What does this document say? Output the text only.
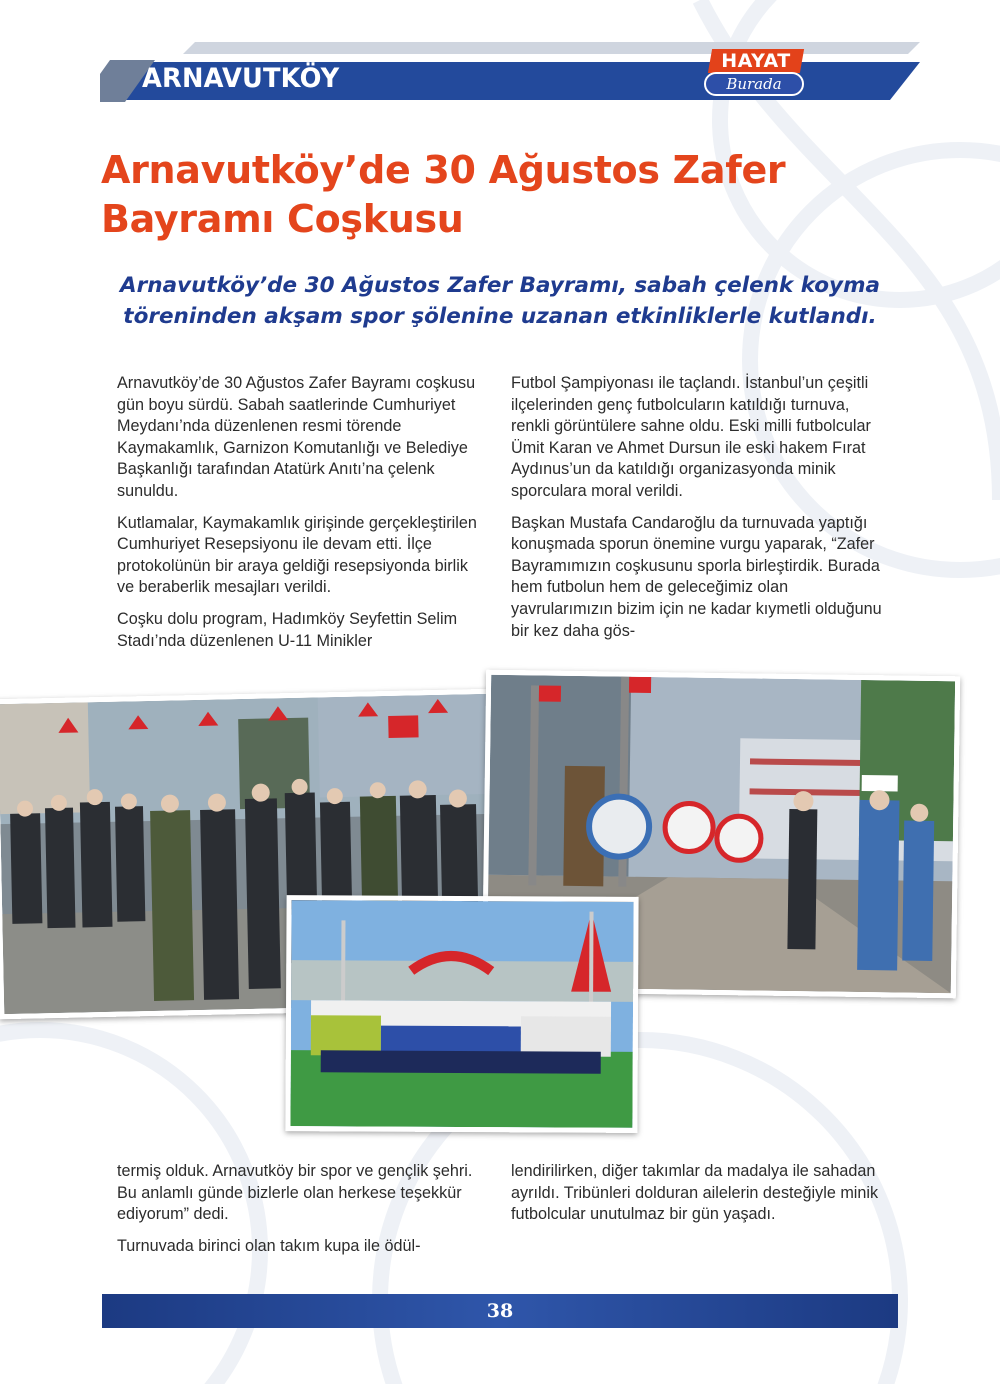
ARNAVUTKÖY
HAYAT
Burada
Arnavutköy’de 30 Ağustos Zafer
Bayramı Coşkusu
Arnavutköy’de 30 Ağustos Zafer Bayramı, sabah çelenk koyma
töreninden akşam spor şölenine uzanan etkinliklerle kutlandı.

Arnavutköy’de 30 Ağustos Zafer Bayramı coşkusu gün boyu sürdü. Sabah saatlerinde Cumhuriyet Meydanı’nda düzenlenen resmi törende Kaymakamlık, Garnizon Komutanlığı ve Belediye Başkanlığı tarafından Atatürk Anıtı’na çelenk sunuldu.

Kutlamalar, Kaymakamlık girişinde gerçekleştirilen Cumhuriyet Resepsiyonu ile devam etti. İlçe protokolünün bir araya geldiği resepsiyonda birlik ve beraberlik mesajları verildi.

Coşku dolu program, Hadımköy Seyfettin Selim Stadı’nda düzenlenen U-11 Minikler

Futbol Şampiyonası ile taçlandı. İstanbul’un çeşitli ilçelerinden genç futbolcuların katıldığı turnuva, renkli görüntülere sahne oldu. Eski milli futbolcular Ümit Karan ve Ahmet Dursun ile eski hakem Fırat Aydınus’un da katıldığı organizasyonda minik sporculara moral verildi.

Başkan Mustafa Candaroğlu da turnuvada yaptığı konuşmada sporun önemine vurgu yaparak, “Zafer Bayramımızın coşkusunu sporla birleştirdik. Burada hem futbolun hem de geleceğimiz olan yavrularımızın bizim için ne kadar kıymetli olduğunu bir kez daha gös-

termiş olduk. Arnavutköy bir spor ve gençlik şehri. Bu anlamlı günde bizlerle olan herkese teşekkür ediyorum” dedi.

Turnuvada birinci olan takım kupa ile ödül-

lendirilirken, diğer takımlar da madalya ile sahadan ayrıldı. Tribünleri dolduran ailelerin desteğiyle minik futbolcular unutulmaz bir gün yaşadı.

38
